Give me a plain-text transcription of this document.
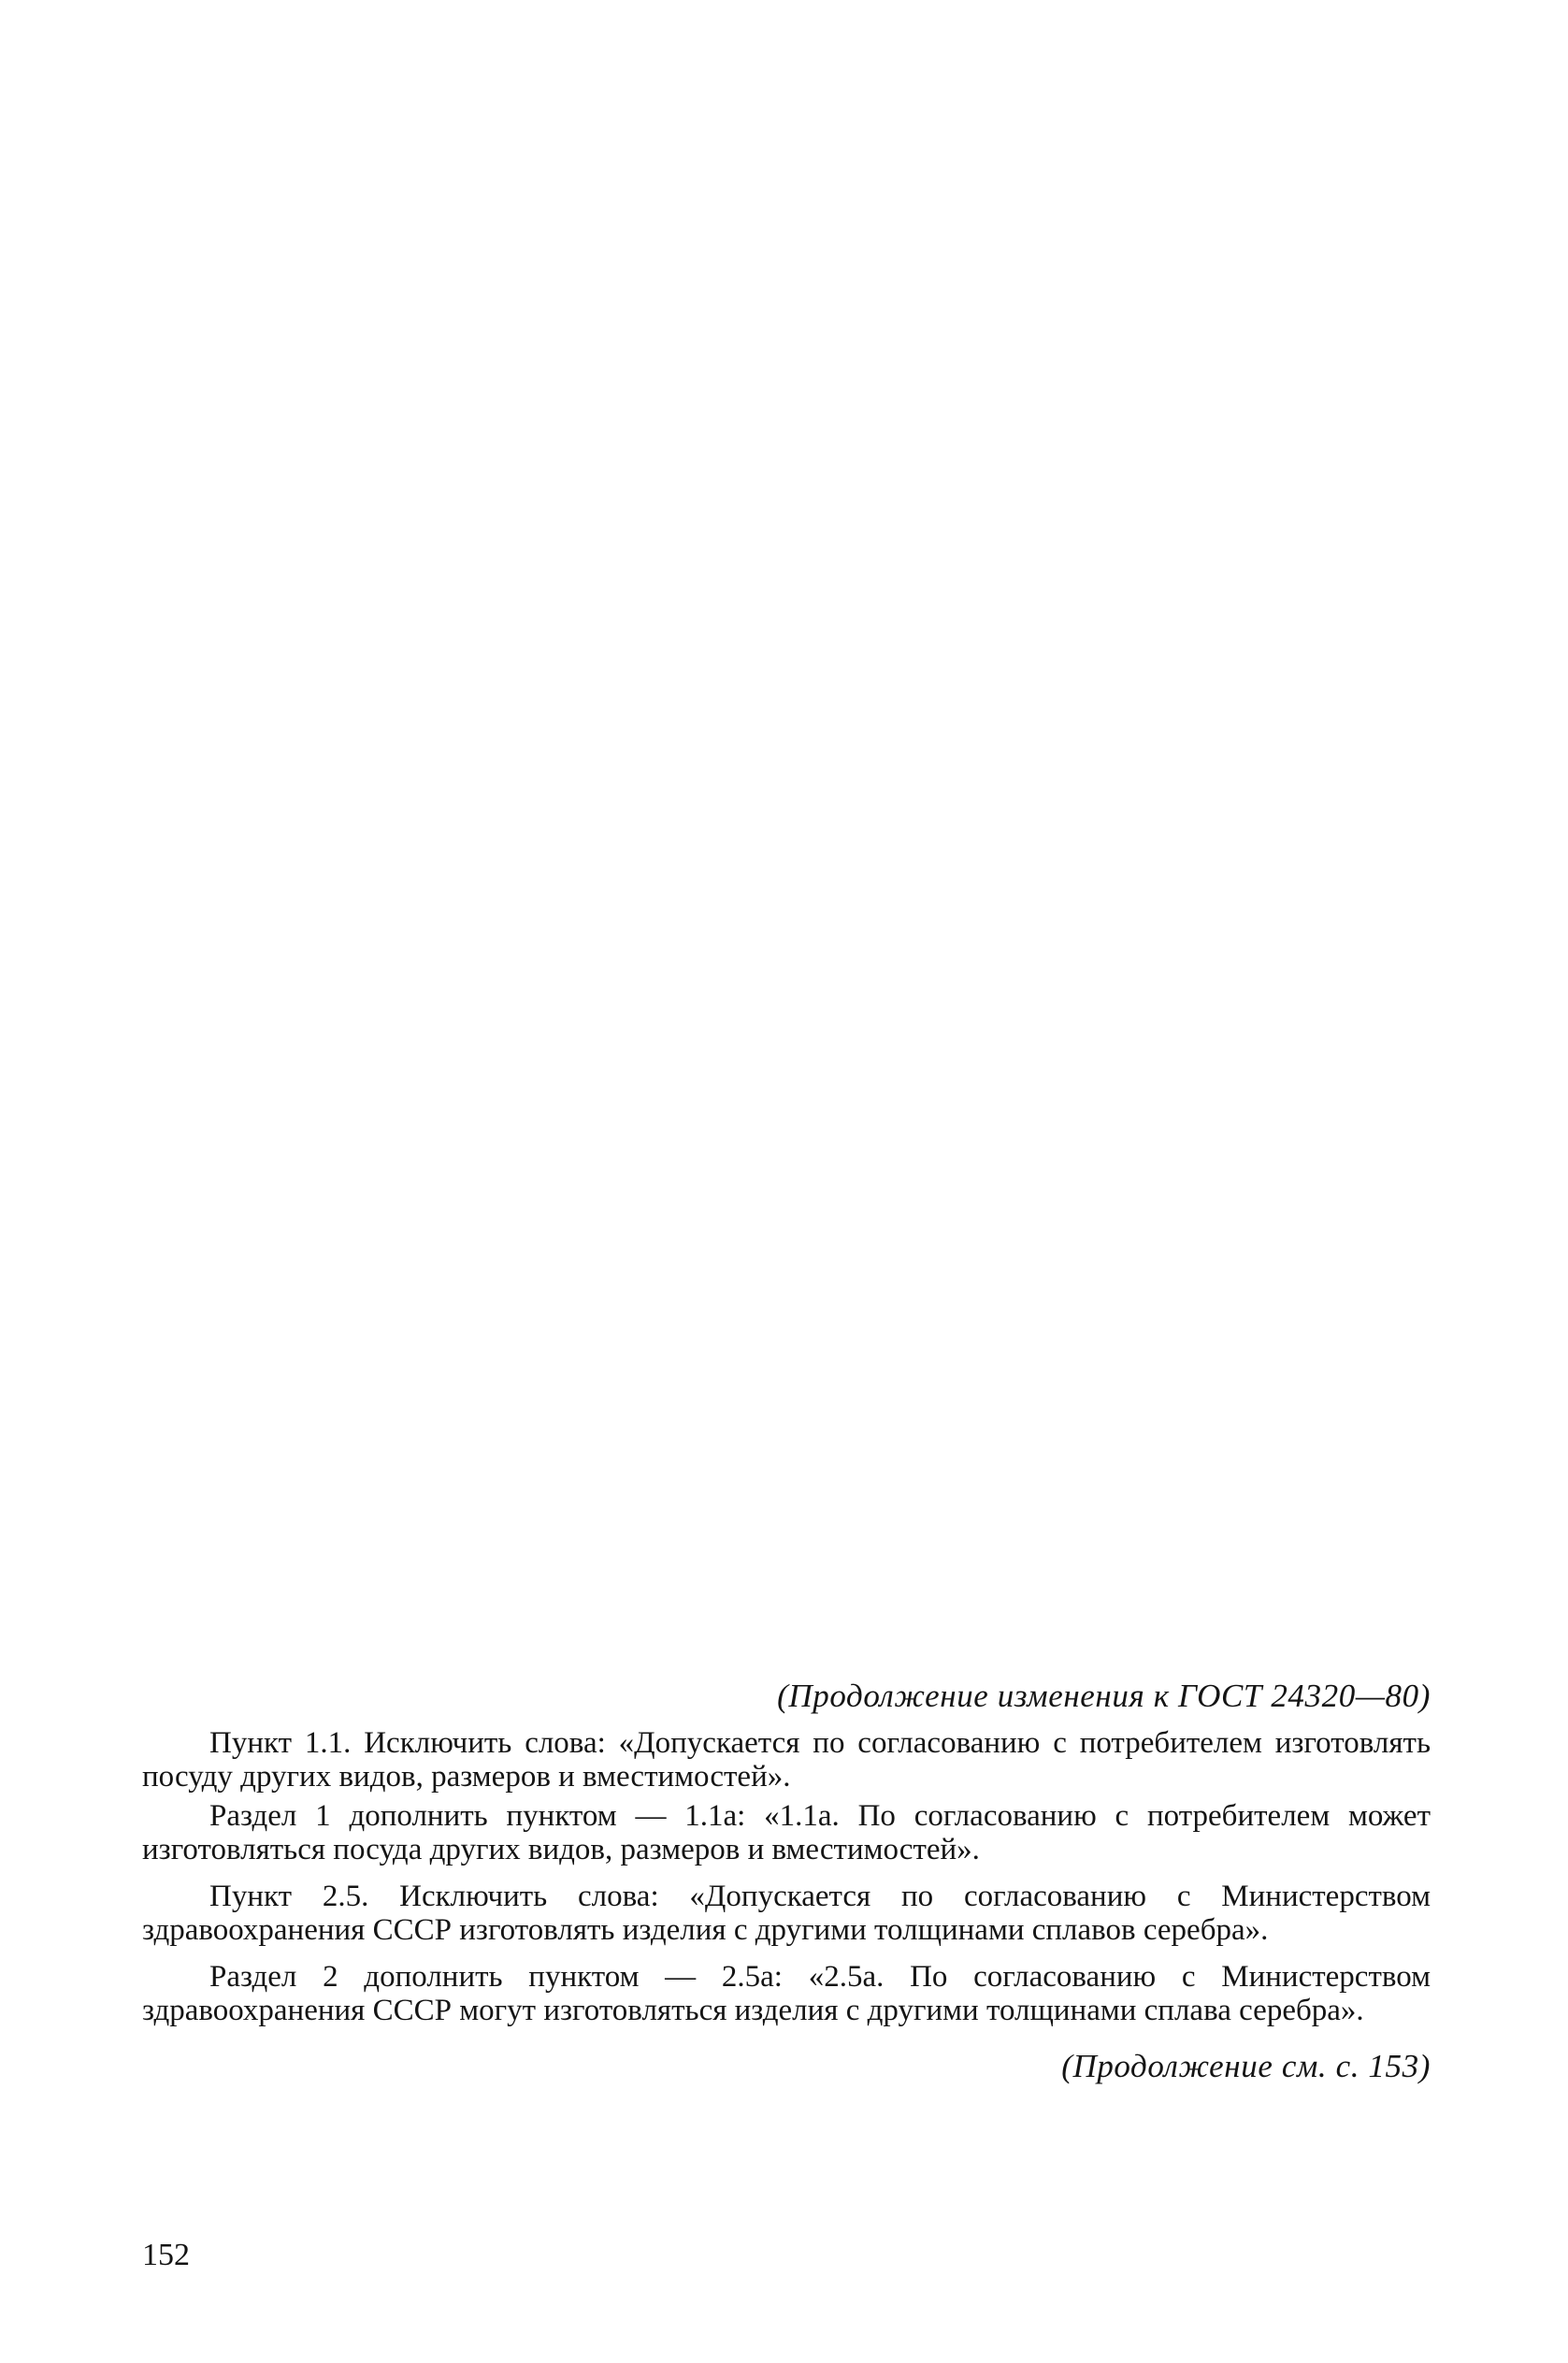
(Продолжение изменения к ГОСТ 24320—80)

Пункт 1.1. Исключить слова: «Допускается по согласованию с потребителем изготовлять посуду других видов, размеров и вместимостей».

Раздел 1 дополнить пунктом — 1.1а: «1.1а. По согласованию с потребителем может изготовляться посуда других видов, размеров и вместимостей».

Пункт 2.5. Исключить слова: «Допускается по согласованию с Министерством здравоохранения СССР изготовлять изделия с другими толщинами сплавов серебра».

Раздел 2 дополнить пунктом — 2.5а: «2.5а. По согласованию с Министерством здравоохранения СССР могут изготовляться изделия с другими толщинами сплава серебра».

(Продолжение см. с. 153)

152
